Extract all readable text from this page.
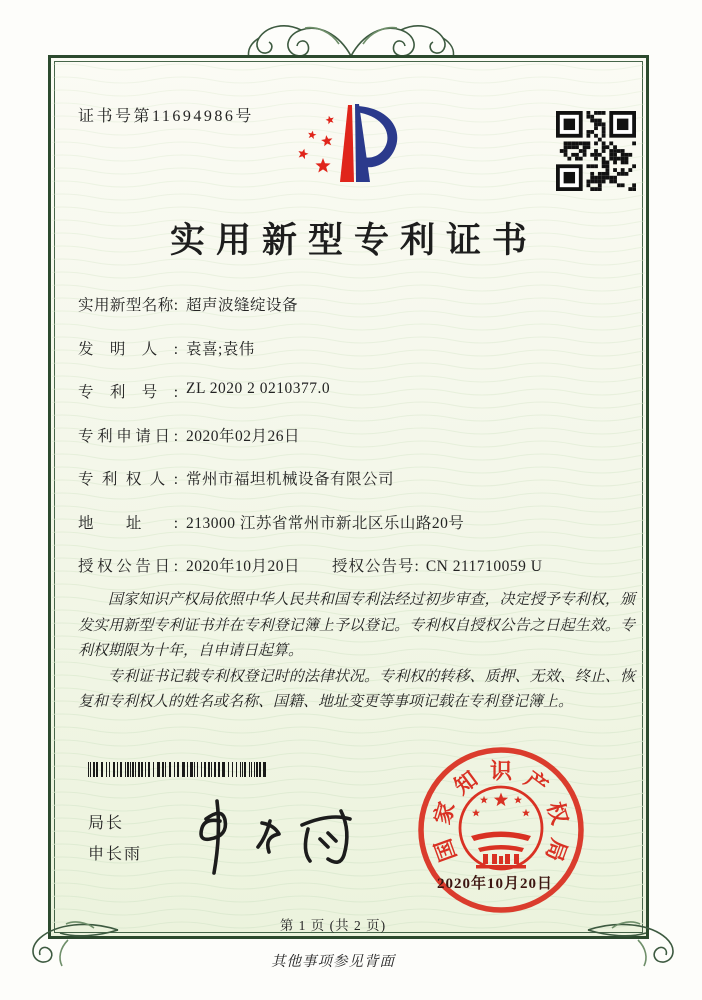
证书号第11694986号
实用新型专利证书
实用新型名称: 超声波缝绽设备
发明人: 袁喜;袁伟
专利号: ZL 2020 2 0210377.0
专利申请日: 2020年02月26日
专利权人: 常州市福坦机械设备有限公司
地址: 213000 江苏省常州市新北区乐山路20号
授权公告日: 2020年10月20日 授权公告号: CN 211710059 U

国家知识产权局依照中华人民共和国专利法经过初步审查，决定授予专利权，颁发实用新型专利证书并在专利登记簿上予以登记。专利权自授权公告之日起生效。专利权期限为十年，自申请日起算。

专利证书记载专利权登记时的法律状况。专利权的转移、质押、无效、终止、恢复和专利权人的姓名或名称、国籍、地址变更等事项记载在专利登记簿上。

局长
申长雨	国
家
知 识 产
权
局
2020年10月20日
第 1 页 (共 2 页)
其他事项参见背面
